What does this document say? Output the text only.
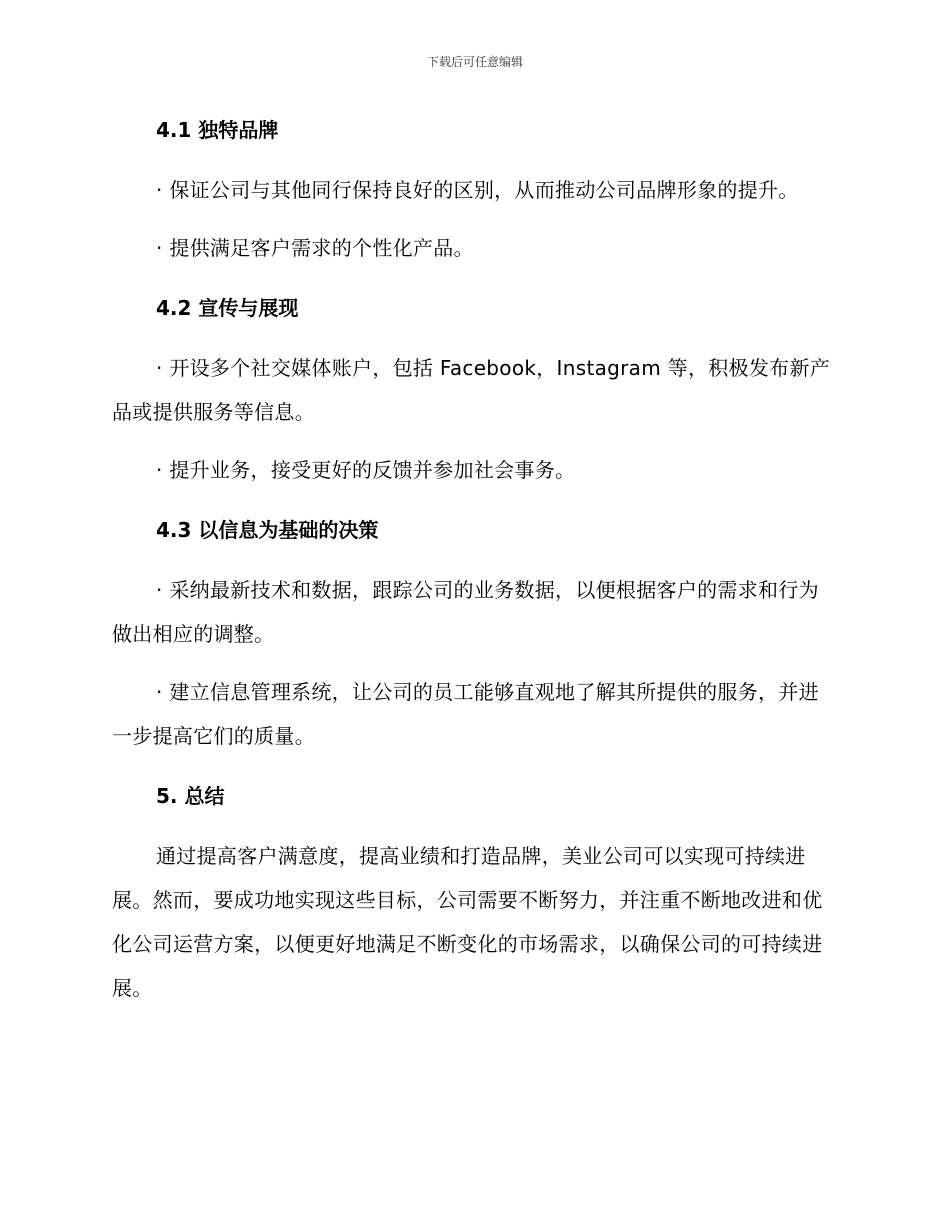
下载后可任意编辑
4.1 独特品牌

· 保证公司与其他同行保持良好的区别，从而推动公司品牌形象的提升。

· 提供满足客户需求的个性化产品。

4.2 宣传与展现

· 开设多个社交媒体账户，包括 Facebook，Instagram 等，积极发布新产品或提供服务等信息。

· 提升业务，接受更好的反馈并参加社会事务。

4.3 以信息为基础的决策

· 采纳最新技术和数据，跟踪公司的业务数据，以便根据客户的需求和行为做出相应的调整。

· 建立信息管理系统，让公司的员工能够直观地了解其所提供的服务，并进一步提高它们的质量。

5. 总结

通过提高客户满意度，提高业绩和打造品牌，美业公司可以实现可持续进展。然而，要成功地实现这些目标，公司需要不断努力，并注重不断地改进和优化公司运营方案，以便更好地满足不断变化的市场需求，以确保公司的可持续进展。
